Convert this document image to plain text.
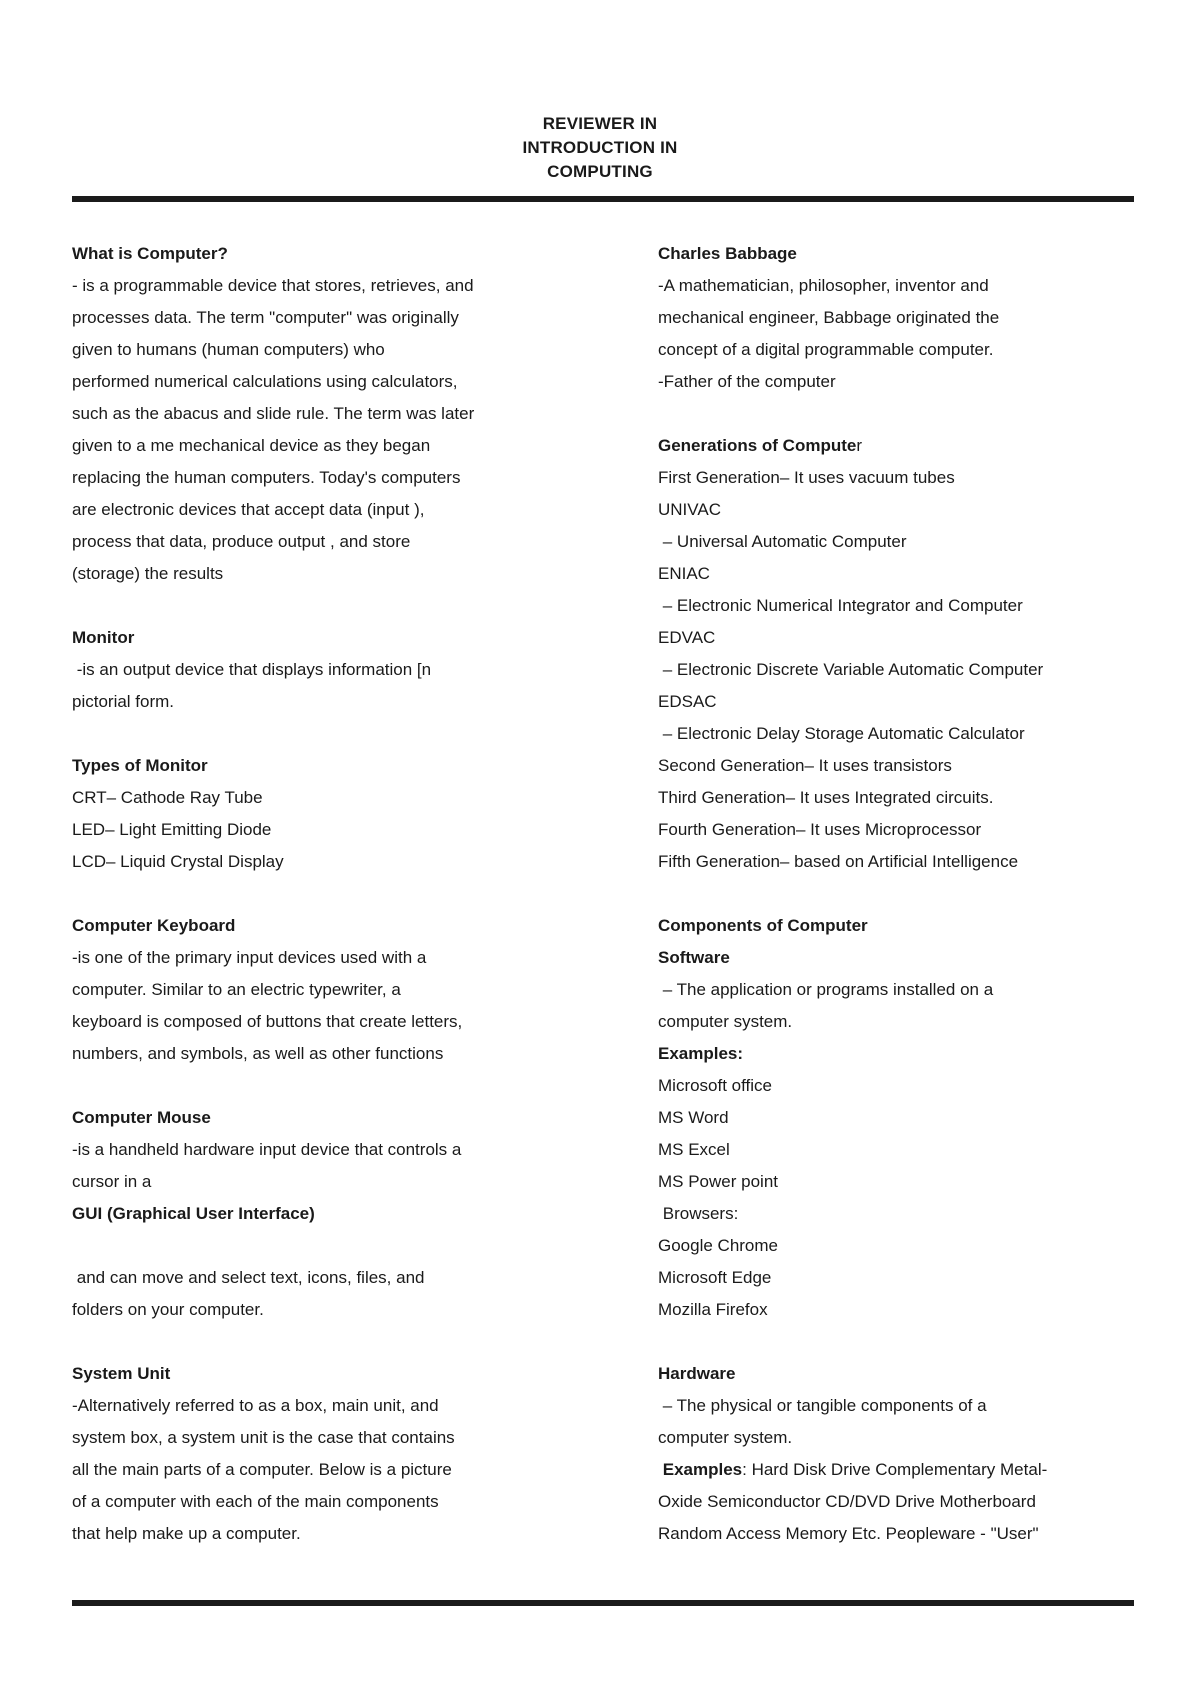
REVIEWER IN
INTRODUCTION IN
COMPUTING

What is Computer?

- is a programmable device that stores, retrieves, and

processes data. The term "computer" was originally

given to humans (human computers) who

performed numerical calculations using calculators,

such as the abacus and slide rule. The term was later

given to a me mechanical device as they began

replacing the human computers. Today's computers

are electronic devices that accept data (input ),

process that data, produce output , and store

(storage) the results

Monitor

-is an output device that displays information [n

pictorial form.

Types of Monitor

CRT– Cathode Ray Tube

LED– Light Emitting Diode

LCD– Liquid Crystal Display

Computer Keyboard

-is one of the primary input devices used with a

computer. Similar to an electric typewriter, a

keyboard is composed of buttons that create letters,

numbers, and symbols, as well as other functions

Computer Mouse

-is a handheld hardware input device that controls a

cursor in a

GUI (Graphical User Interface)

and can move and select text, icons, files, and

folders on your computer.

System Unit

-Alternatively referred to as a box, main unit, and

system box, a system unit is the case that contains

all the main parts of a computer. Below is a picture

of a computer with each of the main components

that help make up a computer.

Charles Babbage

-A mathematician, philosopher, inventor and

mechanical engineer, Babbage originated the

concept of a digital programmable computer.

-Father of the computer

Generations of Computer

First Generation– It uses vacuum tubes

UNIVAC

– Universal Automatic Computer

ENIAC

– Electronic Numerical Integrator and Computer

EDVAC

– Electronic Discrete Variable Automatic Computer

EDSAC

– Electronic Delay Storage Automatic Calculator

Second Generation– It uses transistors

Third Generation– It uses Integrated circuits.

Fourth Generation– It uses Microprocessor

Fifth Generation– based on Artificial Intelligence

Components of Computer

Software

– The application or programs installed on a

computer system.

Examples:

Microsoft office

MS Word

MS Excel

MS Power point

Browsers:

Google Chrome

Microsoft Edge

Mozilla Firefox

Hardware

– The physical or tangible components of a

computer system.

Examples: Hard Disk Drive Complementary Metal-

Oxide Semiconductor CD/DVD Drive Motherboard

Random Access Memory Etc. Peopleware - "User"
